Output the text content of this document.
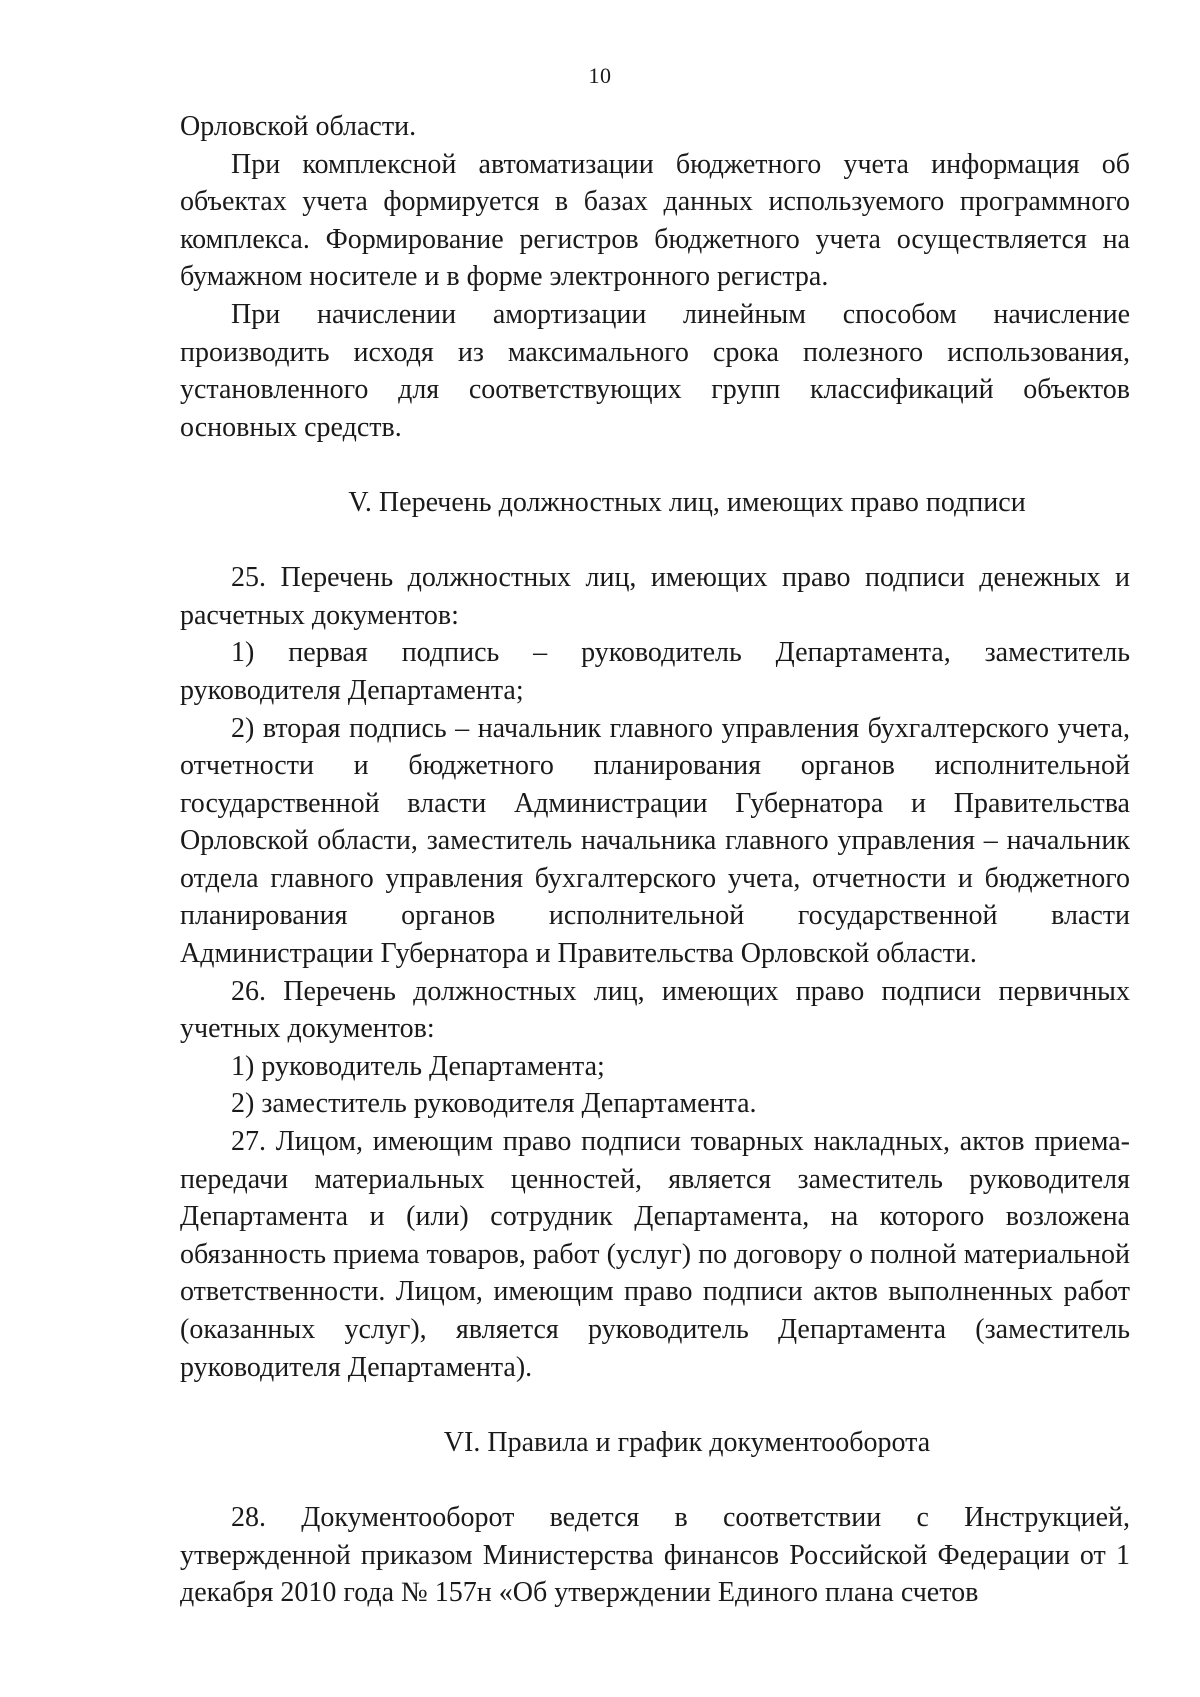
10

Орловской области.

При комплексной автоматизации бюджетного учета информация об объектах учета формируется в базах данных используемого программного комплекса. Формирование регистров бюджетного учета осуществляется на бумажном носителе и в форме электронного регистра.

При начислении амортизации линейным способом начисление производить исходя из максимального срока полезного использования, установленного для соответствующих групп классификаций объектов основных средств.

V. Перечень должностных лиц, имеющих право подписи

25. Перечень должностных лиц, имеющих право подписи денежных и расчетных документов:

1) первая подпись – руководитель Департамента, заместитель руководителя Департамента;

2) вторая подпись – начальник главного управления бухгалтерского учета, отчетности и бюджетного планирования органов исполнительной государственной власти Администрации Губернатора и Правительства Орловской области, заместитель начальника главного управления – начальник отдела главного управления бухгалтерского учета, отчетности и бюджетного планирования органов исполнительной государственной власти Администрации Губернатора и Правительства Орловской области.

26. Перечень должностных лиц, имеющих право подписи первичных учетных документов:

1) руководитель Департамента;

2) заместитель руководителя Департамента.

27. Лицом, имеющим право подписи товарных накладных, актов приема-передачи материальных ценностей, является заместитель руководителя Департамента и (или) сотрудник Департамента, на которого возложена обязанность приема товаров, работ (услуг) по договору о полной материальной ответственности. Лицом, имеющим право подписи актов выполненных работ (оказанных услуг), является руководитель Департамента (заместитель руководителя Департамента).

VI. Правила и график документооборота

28. Документооборот ведется в соответствии с Инструкцией, утвержденной приказом Министерства финансов Российской Федерации от 1 декабря 2010 года № 157н «Об утверждении Единого плана счетов
